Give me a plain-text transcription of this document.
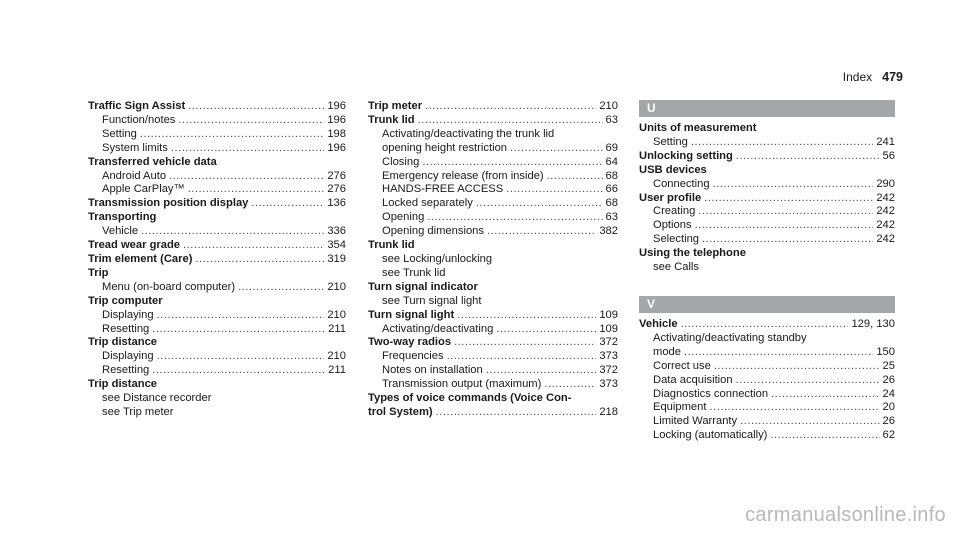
Index 479
Traffic Sign Assist .....	196
Function/notes .....	196
Setting .....	198
System limits .....	196
Transferred vehicle data
Android Auto .....	276
Apple CarPlay™ .....	276
Transmission position display .....	136
Transporting
Vehicle .....	336
Tread wear grade .....	354
Trim element (Care) .....	319
Trip
Menu (on-board computer) .....	210
Trip computer
Displaying .....	210
Resetting .....	211
Trip distance
Displaying .....	210
Resetting .....	211
Trip distance
see Distance recorder
see Trip meter
Trip meter .....	210
Trunk lid .....	63
Activating/deactivating the trunk lid
opening height restriction .....	69
Closing .....	64
Emergency release (from inside) .....	68
HANDS-FREE ACCESS .....	66
Locked separately .....	68
Opening .....	63
Opening dimensions .....	382
Trunk lid
see Locking/unlocking
see Trunk lid
Turn signal indicator
see Turn signal light
Turn signal light .....	109
Activating/deactivating .....	109
Two-way radios .....	372
Frequencies .....	373
Notes on installation .....	372
Transmission output (maximum) .....	373
Types of voice commands (Voice Con-
trol System) .....	218
U
Units of measurement
Setting .....	241
Unlocking setting .....	56
USB devices
Connecting .....	290
User profile .....	242
Creating .....	242
Options .....	242
Selecting .....	242
Using the telephone
see Calls
V
Vehicle .....	129, 130
Activating/deactivating standby
mode .....	150
Correct use .....	25
Data acquisition .....	26
Diagnostics connection .....	24
Equipment .....	20
Limited Warranty .....	26
Locking (automatically) .....	62
carmanualsonline.info
